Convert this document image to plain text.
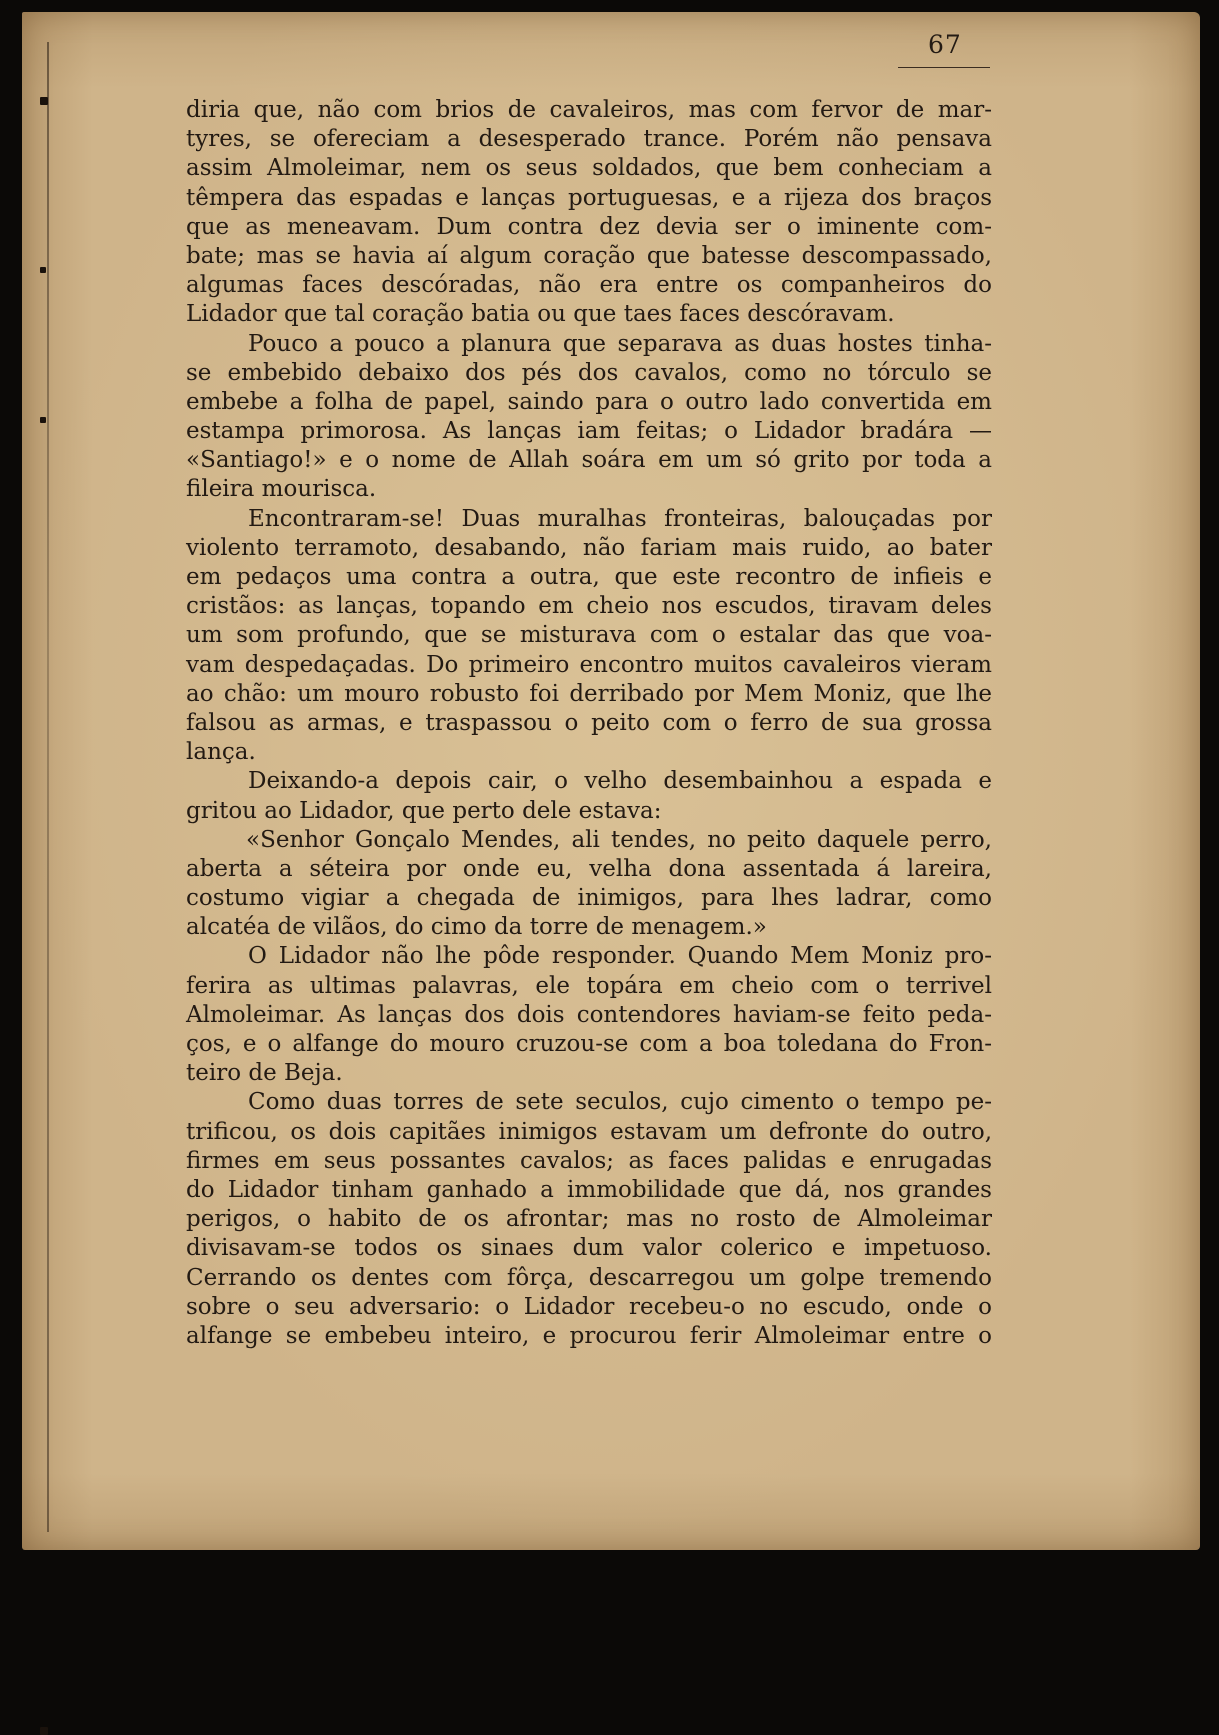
67
diria que, não com brios de cavaleiros, mas com fervor de mar-
tyres, se ofereciam a desesperado trance. Porém não pensava
assim Almoleimar, nem os seus soldados, que bem conheciam a
têmpera das espadas e lanças portuguesas, e a rijeza dos braços
que as meneavam. Dum contra dez devia ser o iminente com-
bate; mas se havia aí algum coração que batesse descompassado,
algumas faces descóradas, não era entre os companheiros do
Lidador que tal coração batia ou que taes faces descóravam.
Pouco a pouco a planura que separava as duas hostes tinha-
se embebido debaixo dos pés dos cavalos, como no tórculo se
embebe a folha de papel, saindo para o outro lado convertida em
estampa primorosa. As lanças iam feitas; o Lidador bradára —
«Santiago!» e o nome de Allah soára em um só grito por toda a
fileira mourisca.
Encontraram-se! Duas muralhas fronteiras, balouçadas por
violento terramoto, desabando, não fariam mais ruido, ao bater
em pedaços uma contra a outra, que este recontro de infieis e
cristãos: as lanças, topando em cheio nos escudos, tiravam deles
um som profundo, que se misturava com o estalar das que voa-
vam despedaçadas. Do primeiro encontro muitos cavaleiros vieram
ao chão: um mouro robusto foi derribado por Mem Moniz, que lhe
falsou as armas, e traspassou o peito com o ferro de sua grossa
lança.
Deixando-a depois cair, o velho desembainhou a espada e
gritou ao Lidador, que perto dele estava:
«Senhor Gonçalo Mendes, ali tendes, no peito daquele perro,
aberta a séteira por onde eu, velha dona assentada á lareira,
costumo vigiar a chegada de inimigos, para lhes ladrar, como
alcatéa de vilãos, do cimo da torre de menagem.»
O Lidador não lhe pôde responder. Quando Mem Moniz pro-
ferira as ultimas palavras, ele topára em cheio com o terrivel
Almoleimar. As lanças dos dois contendores haviam-se feito peda-
ços, e o alfange do mouro cruzou-se com a boa toledana do Fron-
teiro de Beja.
Como duas torres de sete seculos, cujo cimento o tempo pe-
trificou, os dois capitães inimigos estavam um defronte do outro,
firmes em seus possantes cavalos; as faces palidas e enrugadas
do Lidador tinham ganhado a immobilidade que dá, nos grandes
perigos, o habito de os afrontar; mas no rosto de Almoleimar
divisavam-se todos os sinaes dum valor colerico e impetuoso.
Cerrando os dentes com fôrça, descarregou um golpe tremendo
sobre o seu adversario: o Lidador recebeu-o no escudo, onde o
alfange se embebeu inteiro, e procurou ferir Almoleimar entre o
